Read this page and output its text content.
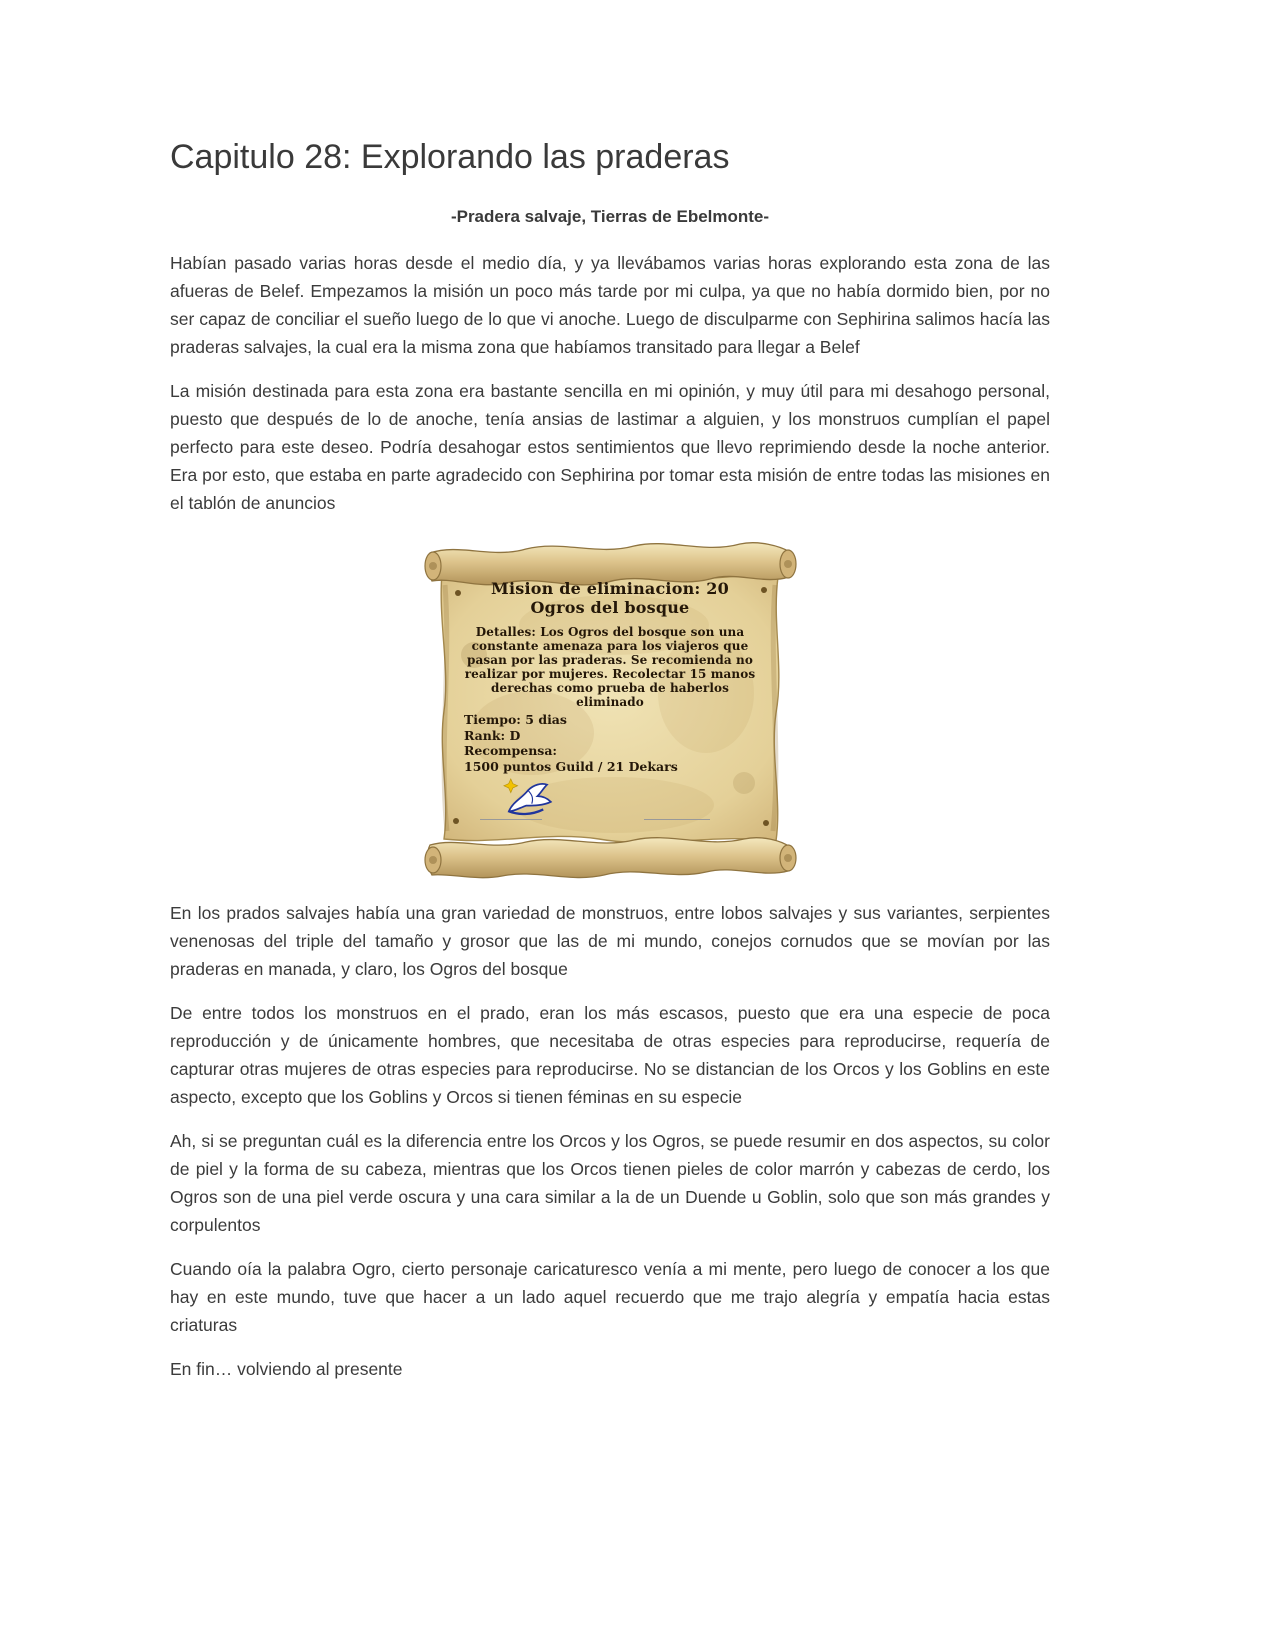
Capitulo 28: Explorando las praderas
-Pradera salvaje, Tierras de Ebelmonte-

Habían pasado varias horas desde el medio día, y ya llevábamos varias horas explorando esta zona de las afueras de Belef. Empezamos la misión un poco más tarde por mi culpa, ya que no había dormido bien, por no ser capaz de conciliar el sueño luego de lo que vi anoche. Luego de disculparme con Sephirina salimos hacía las praderas salvajes, la cual era la misma zona que habíamos transitado para llegar a Belef

La misión destinada para esta zona era bastante sencilla en mi opinión, y muy útil para mi desahogo personal, puesto que después de lo de anoche, tenía ansias de lastimar a alguien, y los monstruos cumplían el papel perfecto para este deseo. Podría desahogar estos sentimientos que llevo reprimiendo desde la noche anterior. Era por esto, que estaba en parte agradecido con Sephirina por tomar esta misión de entre todas las misiones en el tablón de anuncios

Mision de eliminacion: 20
Ogros del bosque
Detalles: Los Ogros del bosque son una constante amenaza para los viajeros que pasan por las praderas. Se recomienda no realizar por mujeres. Recolectar 15 manos derechas como prueba de haberlos eliminado
Tiempo: 5 dias
Rank: D
Recompensa:
1500 puntos Guild / 21 Dekars

En los prados salvajes había una gran variedad de monstruos, entre lobos salvajes y sus variantes, serpientes venenosas del triple del tamaño y grosor que las de mi mundo, conejos cornudos que se movían por las praderas en manada, y claro, los Ogros del bosque

De entre todos los monstruos en el prado, eran los más escasos, puesto que era una especie de poca reproducción y de únicamente hombres, que necesitaba de otras especies para reproducirse, requería de capturar otras mujeres de otras especies para reproducirse. No se distancian de los Orcos y los Goblins en este aspecto, excepto que los Goblins y Orcos si tienen féminas en su especie

Ah, si se preguntan cuál es la diferencia entre los Orcos y los Ogros, se puede resumir en dos aspectos, su color de piel y la forma de su cabeza, mientras que los Orcos tienen pieles de color marrón y cabezas de cerdo, los Ogros son de una piel verde oscura y una cara similar a la de un Duende u Goblin, solo que son más grandes y corpulentos

Cuando oía la palabra Ogro, cierto personaje caricaturesco venía a mi mente, pero luego de conocer a los que hay en este mundo, tuve que hacer a un lado aquel recuerdo que me trajo alegría y empatía hacia estas criaturas

En fin… volviendo al presente
